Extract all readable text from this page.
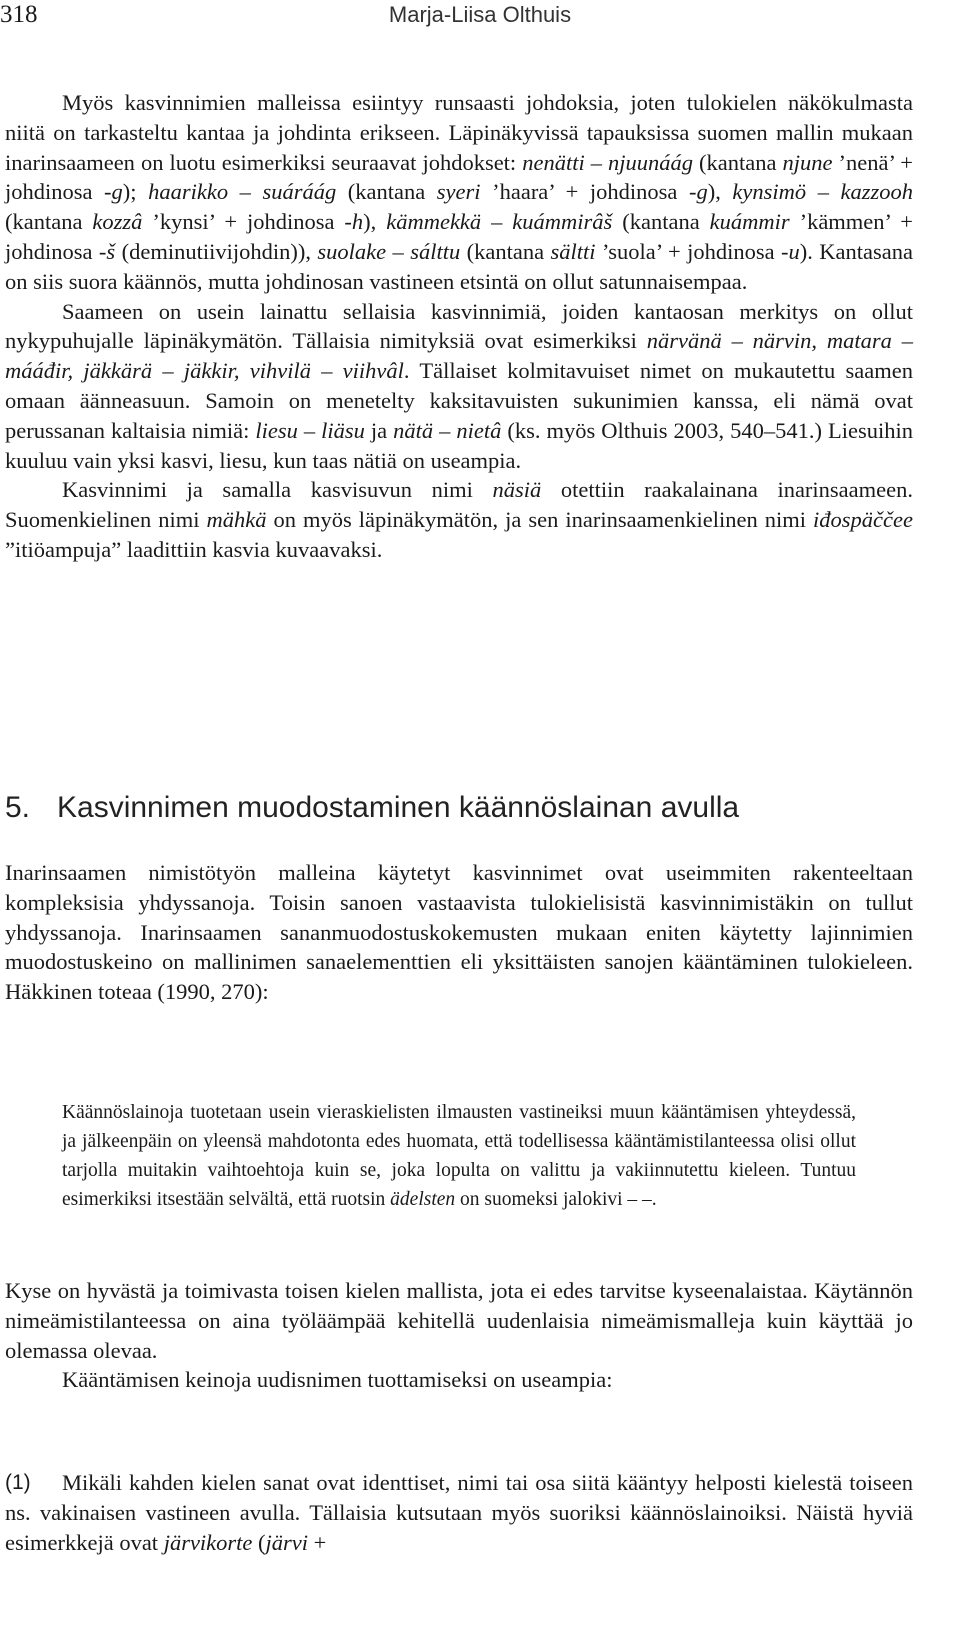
318	Marja-Liisa Olthuis

Myös kasvinnimien malleissa esiintyy runsaasti johdoksia, joten tulokielen näkökulmasta niitä on tarkasteltu kantaa ja johdinta erikseen. Läpinäkyvissä tapauksissa suomen mallin mukaan inarinsaameen on luotu esimerkiksi seuraavat johdokset: nenätti – njuunáág (kantana njune ’nenä’ + johdinosa -g); haarikko – suáráág (kantana syeri ’haara’ + johdinosa -g), kynsimö – kazzooh (kantana kozzâ ’kynsi’ + johdinosa -h), kämmekkä – kuámmirâš (kantana kuámmir ’kämmen’ + johdinosa -š (deminutiivijohdin)), suolake – sálttu (kantana sältti ’suola’ + johdinosa -u). Kantasana on siis suora käännös, mutta johdinosan vastineen etsintä on ollut satunnaisempaa.

Saameen on usein lainattu sellaisia kasvinnimiä, joiden kantaosan merkitys on ollut nykypuhujalle läpinäkymätön. Tällaisia nimityksiä ovat esimerkiksi närvänä – närvin, matara – mááđir, jäkkärä – jäkkir, vihvilä – viihvâl. Tällaiset kolmitavuiset nimet on mukautettu saamen omaan äänneasuun. Samoin on menetelty kaksitavuisten sukunimien kanssa, eli nämä ovat perussanan kaltaisia nimiä: liesu – liäsu ja nätä – nietâ (ks. myös Olthuis 2003, 540–541.) Liesuihin kuuluu vain yksi kasvi, liesu, kun taas nätiä on useampia.

Kasvinnimi ja samalla kasvisuvun nimi näsiä otettiin raakalainana inarinsaameen. Suomenkielinen nimi mähkä on myös läpinäkymätön, ja sen inarinsaamenkielinen nimi iđospäččee ”itiöampuja” laadittiin kasvia kuvaavaksi.

5. Kasvinnimen muodostaminen käännöslainan avulla

Inarinsaamen nimistötyön malleina käytetyt kasvinnimet ovat useimmiten rakenteeltaan kompleksisia yhdyssanoja. Toisin sanoen vastaavista tulokielisistä kasvinnimistäkin on tullut yhdyssanoja. Inarinsaamen sananmuodostuskokemusten mukaan eniten käytetty lajinnimien muodostuskeino on mallinimen sanaelementtien eli yksittäisten sanojen kääntäminen tulokieleen. Häkkinen toteaa (1990, 270):

Käännöslainoja tuotetaan usein vieraskielisten ilmausten vastineiksi muun kääntämisen yhteydessä, ja jälkeenpäin on yleensä mahdotonta edes huomata, että todellisessa kääntämistilanteessa olisi ollut tarjolla muitakin vaihtoehtoja kuin se, joka lopulta on valittu ja vakiinnutettu kieleen. Tuntuu esimerkiksi itsestään selvältä, että ruotsin ädelsten on suomeksi jalokivi – –.

Kyse on hyvästä ja toimivasta toisen kielen mallista, jota ei edes tarvitse kyseenalaistaa. Käytännön nimeämistilanteessa on aina työläämpää kehitellä uudenlaisia nimeämismalleja kuin käyttää jo olemassa olevaa.

Kääntämisen keinoja uudisnimen tuottamiseksi on useampia:

(1)	Mikäli kahden kielen sanat ovat identtiset, nimi tai osa siitä kääntyy helposti kielestä toiseen ns. vakinaisen vastineen avulla. Tällaisia kutsutaan myös suoriksi käännöslainoiksi. Näistä hyviä esimerkkejä ovat järvikorte (järvi +
